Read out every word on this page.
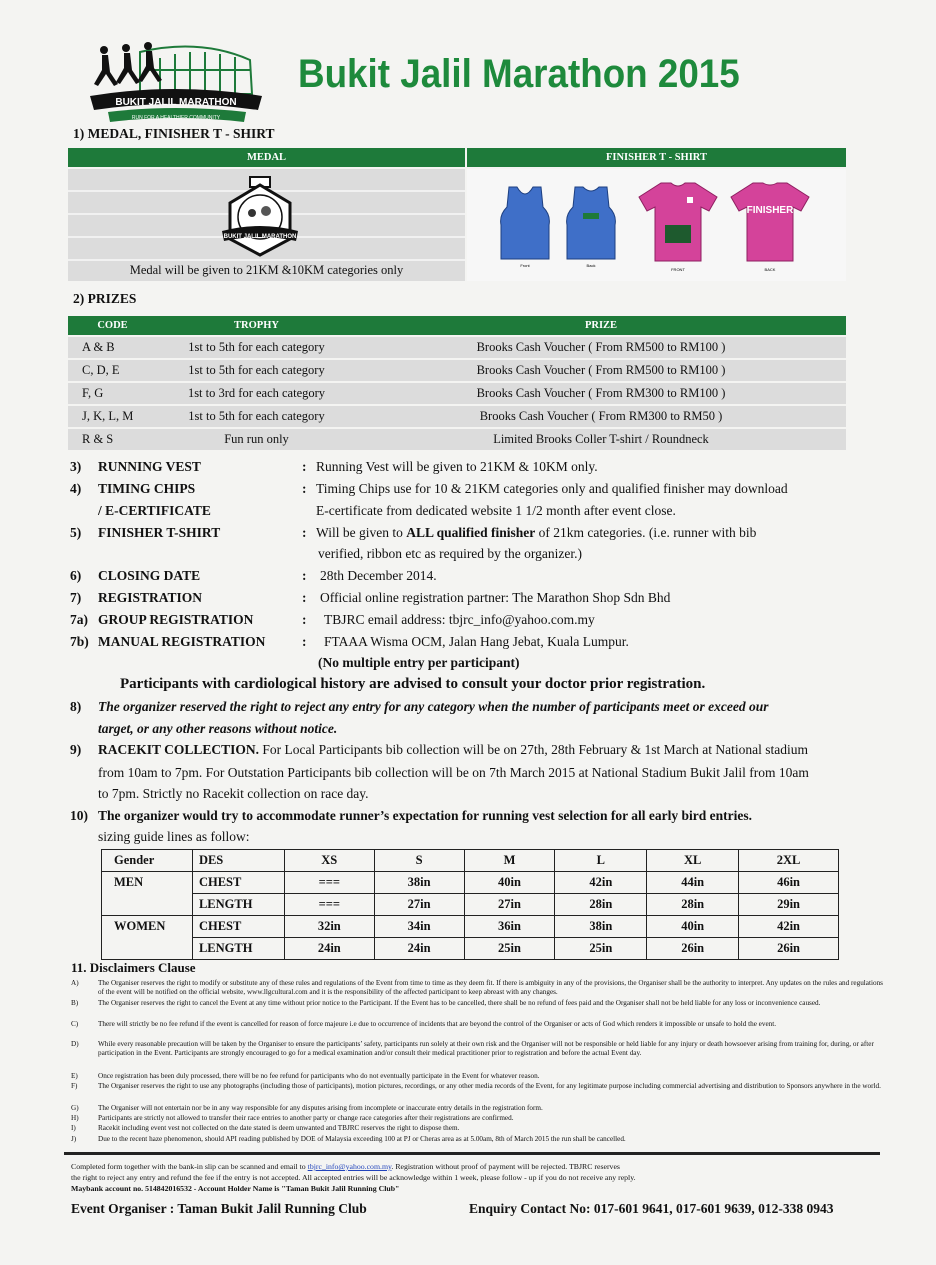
BUKIT JALIL MARATHON
RUN FOR A HEALTHIER COMMUNITY
Bukit Jalil Marathon 2015
1) MEDAL, FINISHER T - SHIRT
MEDAL	FINISHER T - SHIRT
BUKIT JALIL MARATHON
Medal will be given to 21KM &10KM categories only	Front	Back
FRONT
FINISHER
BACK
2) PRIZES
CODE	TROPHY	PRIZE
A & B	1st to 5th for each category	Brooks Cash Voucher ( From RM500 to RM100 )
C, D, E	1st to 5th for each category	Brooks Cash Voucher ( From RM500 to RM100 )
F, G	1st to 3rd for each category	Brooks Cash Voucher ( From RM300 to RM100 )
J, K, L, M	1st to 5th for each category	Brooks Cash Voucher ( From RM300 to RM50 )
R & S	Fun run only	Limited Brooks Coller T-shirt / Roundneck
3) RUNNING VEST	: Running Vest will be given to 21KM & 10KM only.
4) TIMING CHIPS
/ E-CERTIFICATE
: Timing Chips use for 10 & 21KM categories only and qualified finisher may download
E-certificate from dedicated website 1 1/2 month after event close.
5) FINISHER T-SHIRT	: Will be given to ALL qualified finisher of 21km categories. (i.e. runner with bib
verified, ribbon etc as required by the organizer.)
6) CLOSING DATE	: 28th December 2014.
7) REGISTRATION	: Official online registration partner: The Marathon Shop Sdn Bhd
7a) GROUP REGISTRATION	: TBJRC email address: tbjrc_info@yahoo.com.my
7b) MANUAL REGISTRATION	: FTAAA Wisma OCM, Jalan Hang Jebat, Kuala Lumpur.
(No multiple entry per participant)
Participants with cardiological history are advised to consult your doctor prior registration.
8) The organizer reserved the right to reject any entry for any category when the number of participants meet or exceed our
target, or any other reasons without notice.
9) RACEKIT COLLECTION. For Local Participants bib collection will be on 27th, 28th February & 1st March at National stadium
from 10am to 7pm. For Outstation Participants bib collection will be on 7th March 2015 at National Stadium Bukit Jalil from 10am
to 7pm. Strictly no Racekit collection on race day.
10) The organizer would try to accommodate runner’s expectation for running vest selection for all early bird entries.
sizing guide lines as follow:
Gender	DES	XS	S	M	L	XL	2XL
MEN	CHEST	===	38in	40in	42in	44in	46in
	LENGTH	===	27in	27in	28in	28in	29in
WOMEN	CHEST	32in	34in	36in	38in	40in	42in
	LENGTH	24in	24in	25in	25in	26in	26in
11. Disclaimers Clause
A)	The Organiser reserves the right to modify or substitute any of these rules and regulations of the Event from time to time as they deem fit. If there is ambiguity in any of the provisions, the Organiser shall be the authority to interpret. Any updates on the rules and regulations of the event will be notified on the official website, www.llgcultural.com and it is the responsibility of the affected participant to keep abreast with any changes.
B)	The Organiser reserves the right to cancel the Event at any time without prior notice to the Participant. If the Event has to be cancelled, there shall be no refund of fees paid and the Organiser shall not be held liable for any loss or inconvenience caused.
C)	There will strictly be no fee refund if the event is cancelled for reason of force majeure i.e due to occurrence of incidents that are beyond the control of the Organiser or acts of God which renders it impossible or unsafe to hold the event.
D)	While every reasonable precaution will be taken by the Organiser to ensure the participants’ safety, participants run solely at their own risk and the Organiser will not be responsible or held liable for any injury or death howsoever arising from training for, during, or after participation in the Event. Participants are strongly encouraged to go for a medical examination and/or consult their medical practitioner prior to registration and before the actual Event day.
E)	Once registration has been duly processed, there will be no fee refund for participants who do not eventually participate in the Event for whatever reason.
F)	The Organiser reserves the right to use any photographs (including those of participants), motion pictures, recordings, or any other media records of the Event, for any legitimate purpose including commercial advertising and distribution to Sponsors anywhere in the world.
G)	The Organiser will not entertain nor be in any way responsible for any disputes arising from incomplete or inaccurate entry details in the registration form.
H)	Participants are strictly not allowed to transfer their race entries to another party or change race categories after their registrations are confirmed.
I)	Racekit including event vest not collected on the date stated is deem unwanted and TBJRC reserves the right to dispose them.
J)	Due to the recent haze phenomenon, should API reading published by DOE of Malaysia exceeding 100 at PJ or Cheras area as at 5.00am, 8th of March 2015 the run shall be cancelled.
Completed form together with the bank-in slip can be scanned and email to tbjrc_info@yahoo.com.my. Registration without proof of payment will be rejected. TBJRC reserves
the right to reject any entry and refund the fee if the entry is not accepted. All accepted entries will be acknowledge within 1 week, please follow - up if you do not receive any reply.
Maybank account no. 514842016532 - Account Holder Name is "Taman Bukit Jalil Running Club"
Event Organiser : Taman Bukit Jalil Running Club	Enquiry Contact No: 017-601 9641, 017-601 9639, 012-338 0943
